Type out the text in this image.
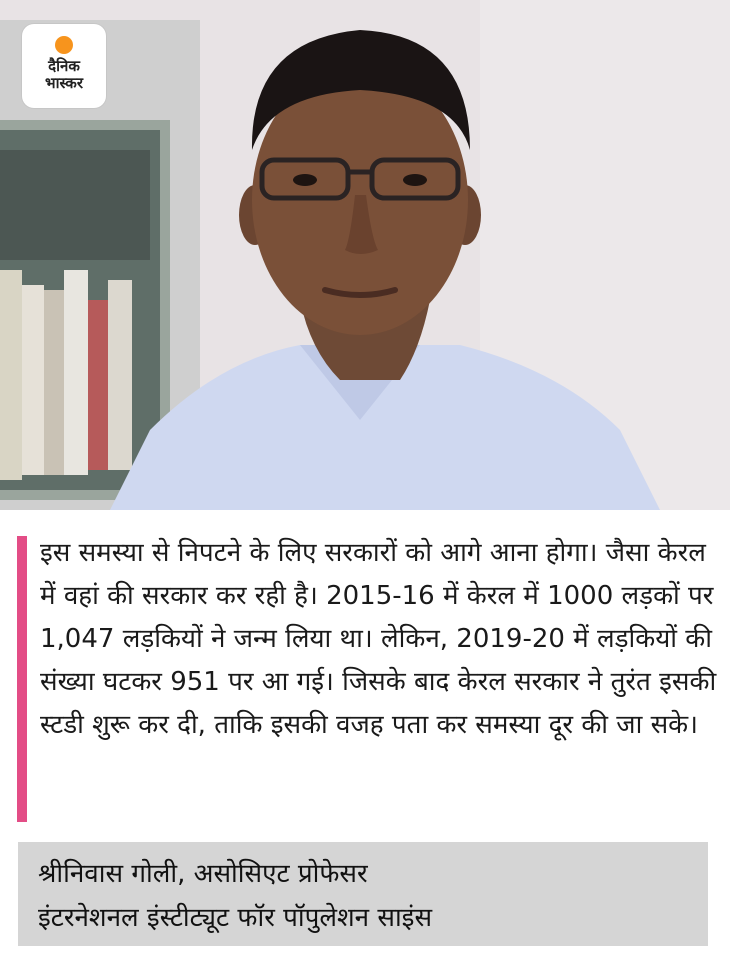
दैनिक
भास्कर
इस समस्या से निपटने के लिए सरकारों को आगे आना होगा। जैसा केरल में वहां की सरकार कर रही है। 2015-16 में केरल में 1000 लड़कों पर 1,047 लड़कियों ने जन्म लिया था। लेकिन, 2019-20 में लड़कियों की संख्या घटकर 951 पर आ गई। जिसके बाद केरल सरकार ने तुरंत इसकी स्टडी शुरू कर दी, ताकि इसकी वजह पता कर समस्या दूर की जा सके।
श्रीनिवास गोली, असोसिएट प्रोफेसर
इंटरनेशनल इंस्टीट्यूट फॉर पॉपुलेशन साइंस
